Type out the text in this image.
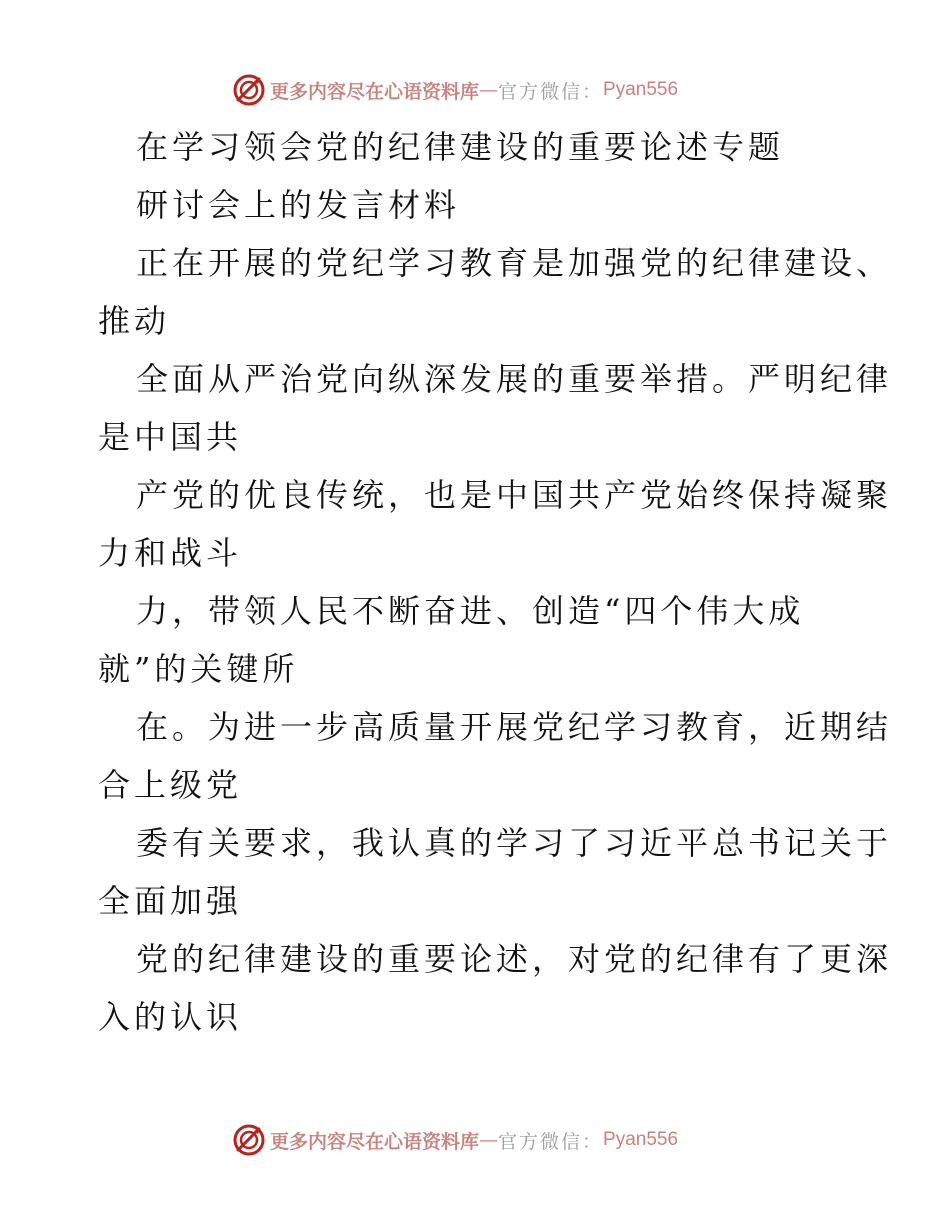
更多内容尽在心语资料库 — 官方微信： Pyan556
在学习领会党的纪律建设的重要论述专题
研讨会上的发言材料
正在开展的党纪学习教育是加强党的纪律建设、
推动
全面从严治党向纵深发展的重要举措。严明纪律
是中国共
产党的优良传统，也是中国共产党始终保持凝聚
力和战斗
力，带领人民不断奋进、创造“四个伟大成
就”的关键所
在。为进一步高质量开展党纪学习教育，近期结
合上级党
委有关要求，我认真的学习了习近平总书记关于
全面加强
党的纪律建设的重要论述，对党的纪律有了更深
入的认识
更多内容尽在心语资料库 — 官方微信： Pyan556
